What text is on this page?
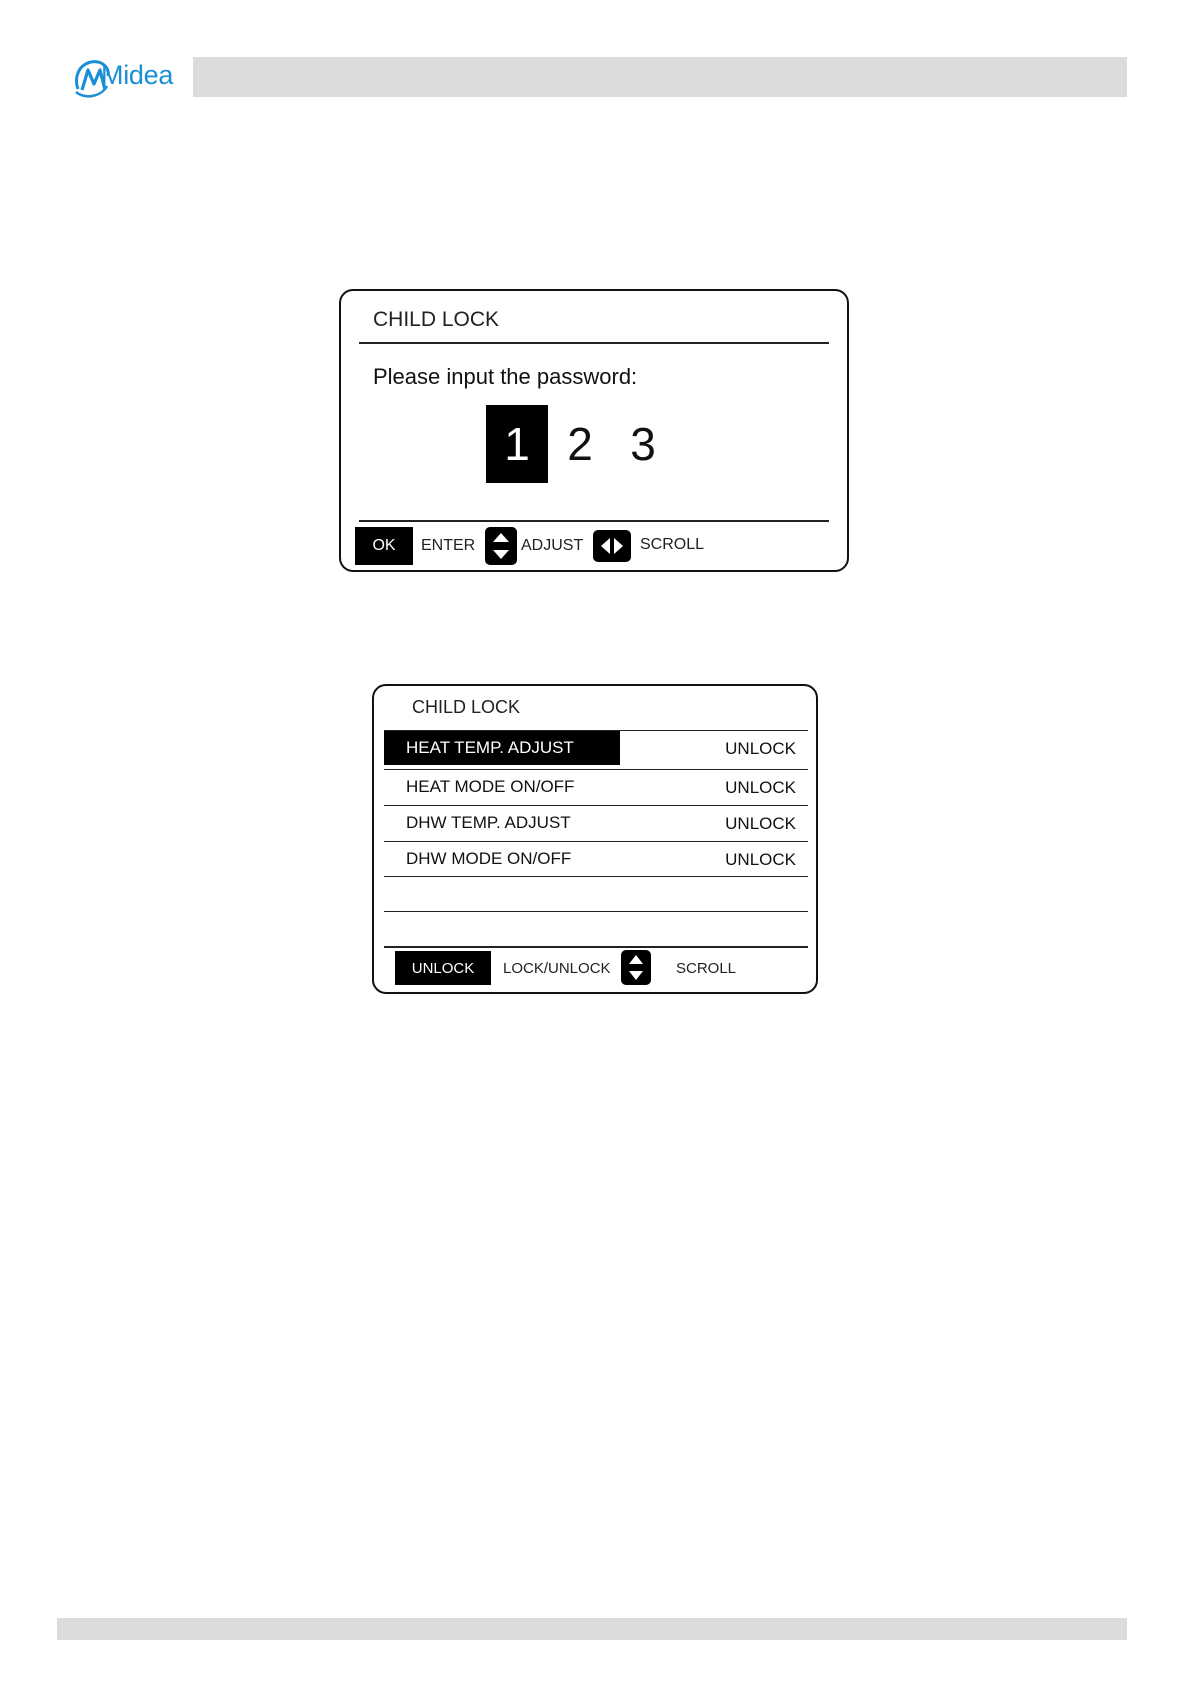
Midea
CHILD LOCK
Please input the password:
1 2 3
OK	ENTER	ADJUST	SCROLL
CHILD LOCK
HEAT TEMP. ADJUST	UNLOCK
HEAT MODE ON/OFF	UNLOCK
DHW TEMP. ADJUST	UNLOCK
DHW MODE ON/OFF	UNLOCK
UNLOCK	LOCK/UNLOCK	SCROLL
